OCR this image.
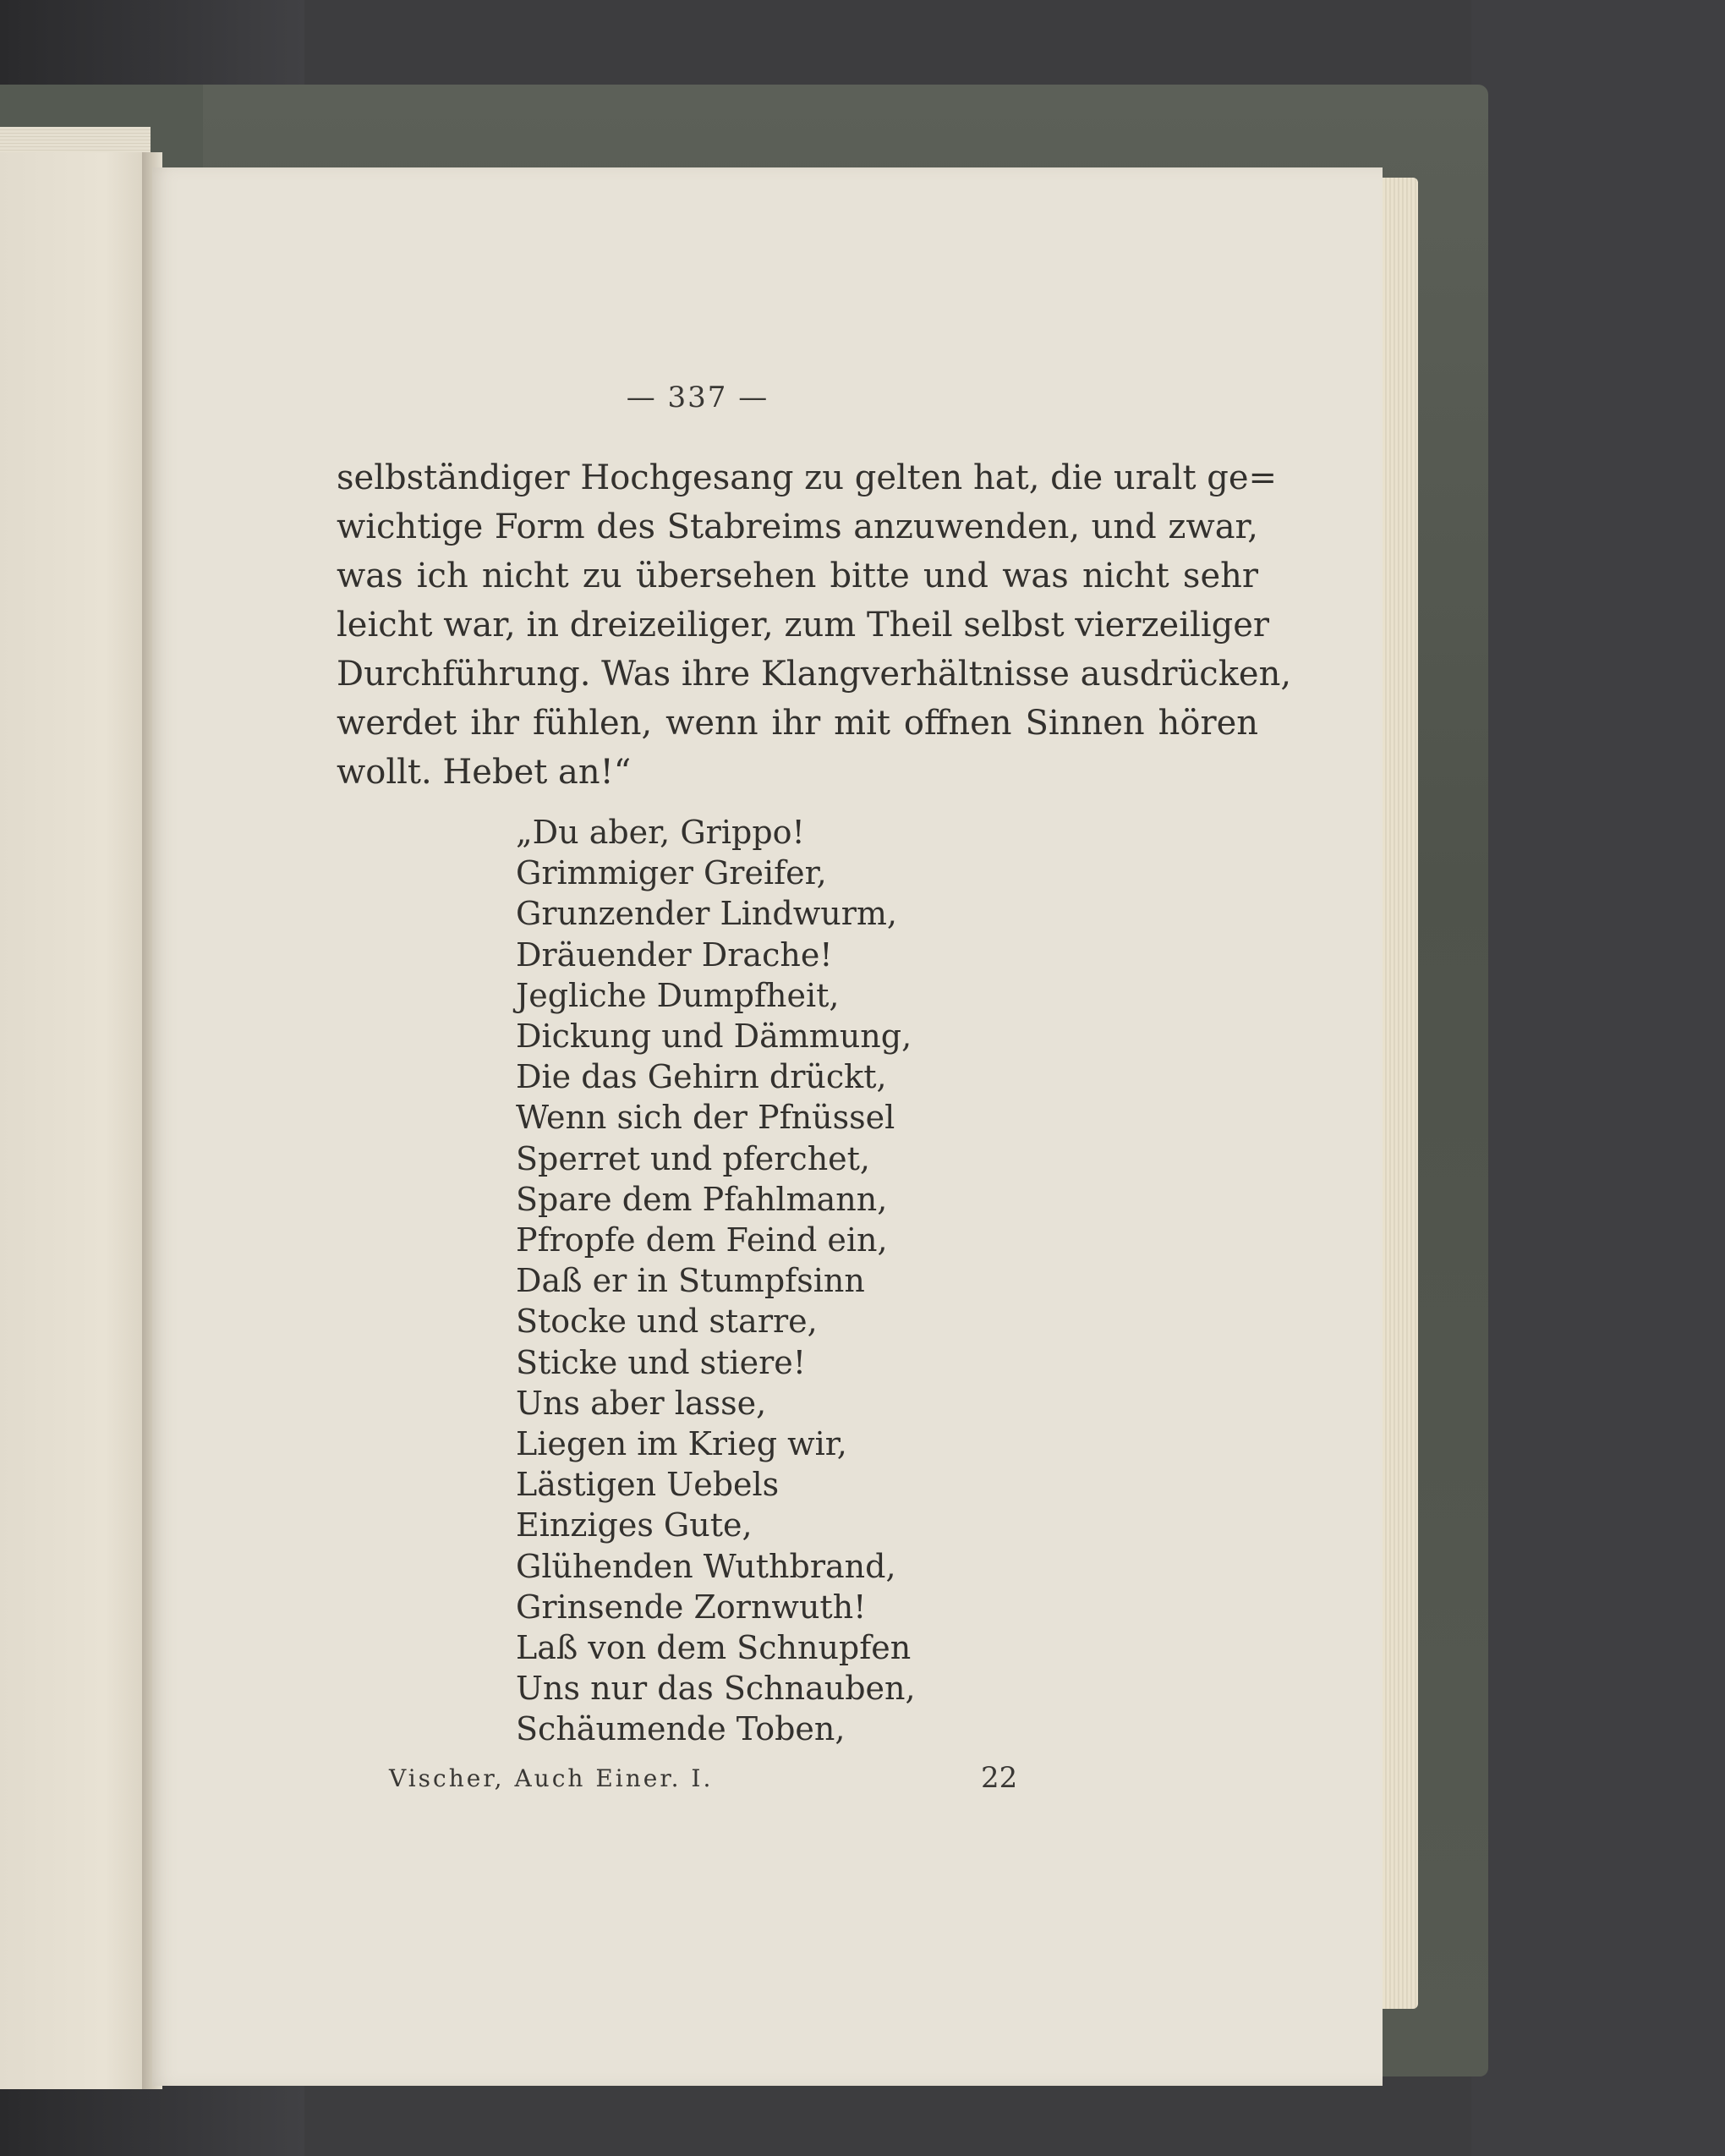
— 337 —
selbständiger Hochgesang zu gelten hat, die uralt ge=
wichtige Form des Stabreims anzuwenden, und zwar,
was ich nicht zu übersehen bitte und was nicht sehr
leicht war, in dreizeiliger, zum Theil selbst vierzeiliger
Durchführung. Was ihre Klangverhältnisse ausdrücken,
werdet ihr fühlen, wenn ihr mit offnen Sinnen hören
wollt. Hebet an!“
„Du aber, Grippo!
Grimmiger Greifer,
Grunzender Lindwurm,
Dräuender Drache!
Jegliche Dumpfheit,
Dickung und Dämmung,
Die das Gehirn drückt,
Wenn sich der Pfnüssel
Sperret und pferchet,
Spare dem Pfahlmann,
Pfropfe dem Feind ein,
Daß er in Stumpfsinn
Stocke und starre,
Sticke und stiere!
Uns aber lasse,
Liegen im Krieg wir,
Lästigen Uebels
Einziges Gute,
Glühenden Wuthbrand,
Grinsende Zornwuth!
Laß von dem Schnupfen
Uns nur das Schnauben,
Schäumende Toben,
Vischer, Auch Einer. I.	22
